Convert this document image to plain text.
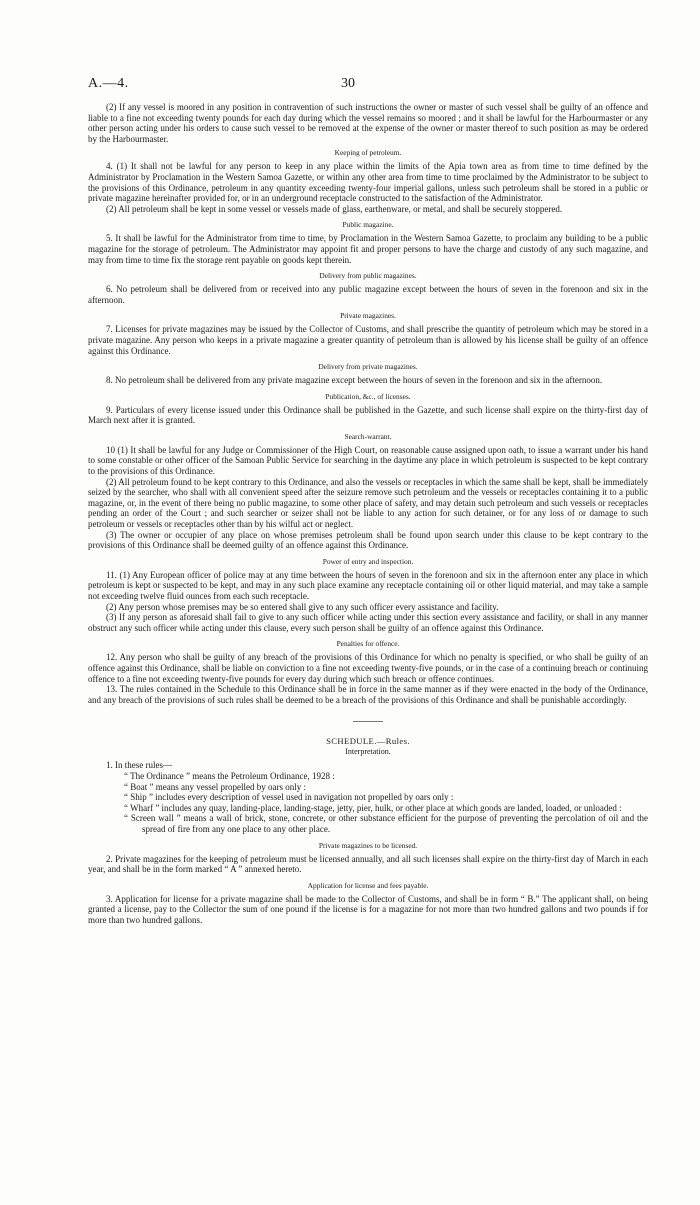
A.—4.	30

(2) If any vessel is moored in any position in contravention of such instructions the owner or master of such vessel shall be guilty of an offence and liable to a fine not exceeding twenty pounds for each day during which the vessel remains so moored ; and it shall be lawful for the Harbourmaster or any other person acting under his orders to cause such vessel to be removed at the expense of the owner or master thereof to such position as may be ordered by the Harbourmaster.

Keeping of petroleum.

4. (1) It shall not be lawful for any person to keep in any place within the limits of the Apia town area as from time to time defined by the Administrator by Proclamation in the Western Samoa Gazette, or within any other area from time to time proclaimed by the Administrator to be subject to the provisions of this Ordinance, petroleum in any quantity exceeding twenty-four imperial gallons, unless such petroleum shall be stored in a public or private magazine hereinafter provided for, or in an underground receptacle constructed to the satisfaction of the Administrator.

(2) All petroleum shall be kept in some vessel or vessels made of glass, earthenware, or metal, and shall be securely stoppered.

Public magazine.

5. It shall be lawful for the Administrator from time to time, by Proclamation in the Western Samoa Gazette, to proclaim any building to be a public magazine for the storage of petroleum. The Administrator may appoint fit and proper persons to have the charge and custody of any such magazine, and may from time to time fix the storage rent payable on goods kept therein.

Delivery from public magazines.

6. No petroleum shall be delivered from or received into any public magazine except between the hours of seven in the forenoon and six in the afternoon.

Private magazines.

7. Licenses for private magazines may be issued by the Collector of Customs, and shall prescribe the quantity of petroleum which may be stored in a private magazine. Any person who keeps in a private magazine a greater quantity of petroleum than is allowed by his license shall be guilty of an offence against this Ordinance.

Delivery from private magazines.

8. No petroleum shall be delivered from any private magazine except between the hours of seven in the forenoon and six in the afternoon.

Publication, &c., of licenses.

9. Particulars of every license issued under this Ordinance shall be published in the Gazette, and such license shall expire on the thirty-first day of March next after it is granted.

Search-warrant.

10 (1) It shall be lawful for any Judge or Commissioner of the High Court, on reasonable cause assigned upon oath, to issue a warrant under his hand to some constable or other officer of the Samoan Public Service for searching in the daytime any place in which petroleum is suspected to be kept contrary to the provisions of this Ordinance.

(2) All petroleum found to be kept contrary to this Ordinance, and also the vessels or receptacles in which the same shall be kept, shall be immediately seized by the searcher, who shall with all convenient speed after the seizure remove such petroleum and the vessels or receptacles containing it to a public magazine, or, in the event of there being no public magazine, to some other place of safety, and may detain such petroleum and such vessels or receptacles pending an order of the Court ; and such searcher or seizer shall not be liable to any action for such detainer, or for any loss of or damage to such petroleum or vessels or receptacles other than by his wilful act or neglect.

(3) The owner or occupier of any place on whose premises petroleum shall be found upon search under this clause to be kept contrary to the provisions of this Ordinance shall be deemed guilty of an offence against this Ordinance.

Power of entry and inspection.

11. (1) Any European officer of police may at any time between the hours of seven in the forenoon and six in the afternoon enter any place in which petroleum is kept or suspected to be kept, and may in any such place examine any receptacle containing oil or other liquid material, and may take a sample not exceeding twelve fluid ounces from each such receptacle.

(2) Any person whose premises may be so entered shall give to any such officer every assistance and facility.

(3) If any person as aforesaid shall fail to give to any such officer while acting under this section every assistance and facility, or shall in any manner obstruct any such officer while acting under this clause, every such person shall be guilty of an offence against this Ordinance.

Penalties for offence.

12. Any person who shall be guilty of any breach of the provisions of this Ordinance for which no penalty is specified, or who shall be guilty of an offence against this Ordinance, shall be liable on conviction to a fine not exceeding twenty-five pounds, or in the case of a continuing breach or continuing offence to a fine not exceeding twenty-five pounds for every day during which such breach or offence continues.

13. The rules contained in the Schedule to this Ordinance shall be in force in the same manner as if they were enacted in the body of the Ordinance, and any breach of the provisions of such rules shall be deemed to be a breach of the provisions of this Ordinance and shall be punishable accordingly.

SCHEDULE.—Rules.
Interpretation.

1. In these rules—

“ The Ordinance ” means the Petroleum Ordinance, 1928 :
“ Boat ” means any vessel propelled by oars only :
“ Ship ” includes every description of vessel used in navigation not propelled by oars only :
“ Wharf ” includes any quay, landing-place, landing-stage, jetty, pier, hulk, or other place at which goods are landed, loaded, or unloaded :
“ Screen wall ” means a wall of brick, stone, concrete, or other substance efficient for the purpose of preventing the percolation of oil and the spread of fire from any one place to any other place.
Private magazines to be licensed.

2. Private magazines for the keeping of petroleum must be licensed annually, and all such licenses shall expire on the thirty-first day of March in each year, and shall be in the form marked “ A ” annexed hereto.

Application for license and fees payable.

3. Application for license for a private magazine shall be made to the Collector of Customs, and shall be in form “ B.” The applicant shall, on being granted a license, pay to the Collector the sum of one pound if the license is for a magazine for not more than two hundred gallons and two pounds if for more than two hundred gallons.
